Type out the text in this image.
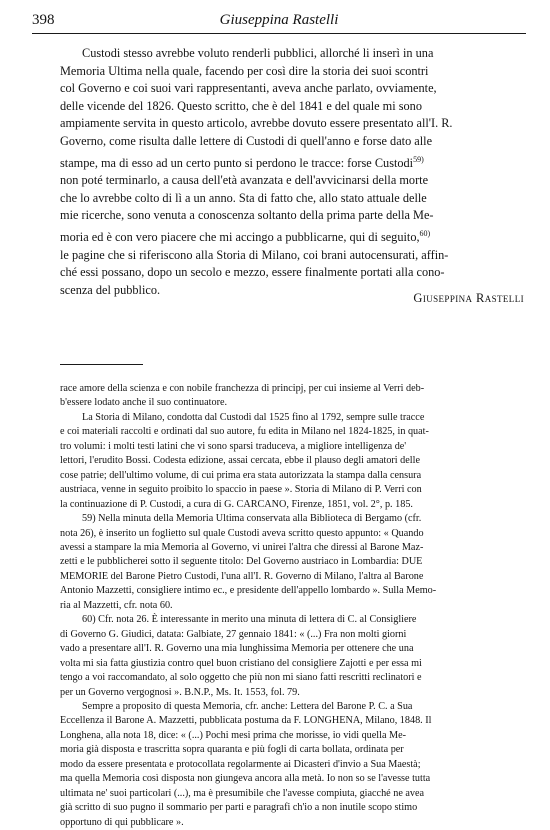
398	Giuseppina Rastelli

Custodi stesso avrebbe voluto renderli pubblici, allorché li inserì in una
Memoria Ultima nella quale, facendo per così dire la storia dei suoi scontri
col Governo e coi suoi vari rappresentanti, aveva anche parlato, ovviamente,
delle vicende del 1826. Questo scritto, che è del 1841 e del quale mi sono
ampiamente servita in questo articolo, avrebbe dovuto essere presentato all'I. R.
Governo, come risulta dalle lettere di Custodi di quell'anno e forse dato alle
stampe, ma di esso ad un certo punto si perdono le tracce: forse Custodi$^{59)}$
non poté terminarlo, a causa dell'età avanzata e dell'avvicinarsi della morte
che lo avrebbe colto di lì a un anno. Sta di fatto che, allo stato attuale delle
mie ricerche, sono venuta a conoscenza soltanto della prima parte della Me-
moria ed è con vero piacere che mi accingo a pubblicarne, qui di seguito,$^{60)}$
le pagine che si riferiscono alla Storia di Milano, coi brani autocensurati, affin-
ché essi possano, dopo un secolo e mezzo, essere finalmente portati alla cono-
scenza del pubblico.

Giuseppina Rastelli

race amore della scienza e con nobile franchezza di principj, per cui insieme al Verri deb-
b'essere lodato anche il suo continuatore.
La Storia di Milano, condotta dal Custodi dal 1525 fino al 1792, sempre sulle tracce
e coi materiali raccolti e ordinati dal suo autore, fu edita in Milano nel 1824-1825, in quat-
tro volumi: i molti testi latini che vi sono sparsi traduceva, a migliore intelligenza de'
lettori, l'erudito Bossi. Codesta edizione, assai cercata, ebbe il plauso degli amatori delle
cose patrie; dell'ultimo volume, di cui prima era stata autorizzata la stampa dalla censura
austriaca, venne in seguito proibito lo spaccio in paese ». Storia di Milano di P. Verri con
la continuazione di P. Custodi, a cura di G. CARCANO, Firenze, 1851, vol. 2°, p. 185.
59) Nella minuta della Memoria Ultima conservata alla Biblioteca di Bergamo (cfr.
nota 26), è inserito un foglietto sul quale Custodi aveva scritto questo appunto: « Quando
avessi a stampare la mia Memoria al Governo, vi unirei l'altra che diressi al Barone Maz-
zetti e le pubblicherei sotto il seguente titolo: Del Governo austriaco in Lombardia: DUE
MEMORIE del Barone Pietro Custodi, l'una all'I. R. Governo di Milano, l'altra al Barone
Antonio Mazzetti, consigliere intimo ec., e presidente dell'appello lombardo ». Sulla Memo-
ria al Mazzetti, cfr. nota 60.
60) Cfr. nota 26. È interessante in merito una minuta di lettera di C. al Consigliere
di Governo G. Giudici, datata: Galbiate, 27 gennaio 1841: « (...) Fra non molti giorni
vado a presentare all'I. R. Governo una mia lunghissima Memoria per ottenere che una
volta mi sia fatta giustizia contro quel buon cristiano del consigliere Zajotti e per essa mi
tengo a voi raccomandato, al solo oggetto che più non mi siano fatti rescritti reclinatori e
per un Governo vergognosi ». B.N.P., Ms. It. 1553, fol. 79.
Sempre a proposito di questa Memoria, cfr. anche: Lettera del Barone P. C. a Sua
Eccellenza il Barone A. Mazzetti, pubblicata postuma da F. LONGHENA, Milano, 1848. Il
Longhena, alla nota 18, dice: « (...) Pochi mesi prima che morisse, io vidi quella Me-
moria già disposta e trascritta sopra quaranta e più fogli di carta bollata, ordinata per
modo da essere presentata e protocollata regolarmente ai Dicasteri d'invio a Sua Maestà;
ma quella Memoria così disposta non giungeva ancora alla metà. Io non so se l'avesse tutta
ultimata ne' suoi particolari (...), ma è presumibile che l'avesse compiuta, giacché ne avea
già scritto di suo pugno il sommario per parti e paragrafi ch'io a non inutile scopo stimo
opportuno di qui pubblicare ».
